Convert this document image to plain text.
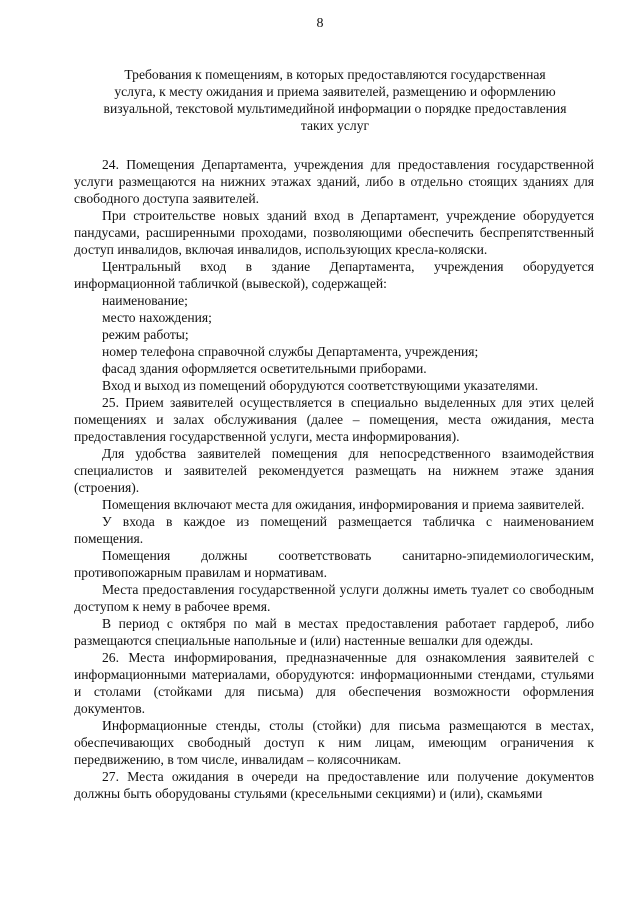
8
Требования к помещениям, в которых предоставляются государственная
услуга, к месту ожидания и приема заявителей, размещению и оформлению
визуальной, текстовой мультимедийной информации о порядке предоставления
таких услуг

24. Помещения Департамента, учреждения для предоставления государственной услуги размещаются на нижних этажах зданий, либо в отдельно стоящих зданиях для свободного доступа заявителей.

При строительстве новых зданий вход в Департамент, учреждение оборудуется пандусами, расширенными проходами, позволяющими обеспечить беспрепятственный доступ инвалидов, включая инвалидов, использующих кресла-коляски.

Центральный вход в здание Департамента, учреждения оборудуется информационной табличкой (вывеской), содержащей:

наименование;

место нахождения;

режим работы;

номер телефона справочной службы Департамента, учреждения;

фасад здания оформляется осветительными приборами.

Вход и выход из помещений оборудуются соответствующими указателями.

25. Прием заявителей осуществляется в специально выделенных для этих целей помещениях и залах обслуживания (далее – помещения, места ожидания, места предоставления государственной услуги, места информирования).

Для удобства заявителей помещения для непосредственного взаимодействия специалистов и заявителей рекомендуется размещать на нижнем этаже здания (строения).

Помещения включают места для ожидания, информирования и приема заявителей.

У входа в каждое из помещений размещается табличка с наименованием помещения.

Помещения должны соответствовать санитарно-эпидемиологическим, противопожарным правилам и нормативам.

Места предоставления государственной услуги должны иметь туалет со свободным доступом к нему в рабочее время.

В период с октября по май в местах предоставления работает гардероб, либо размещаются специальные напольные и (или) настенные вешалки для одежды.

26. Места информирования, предназначенные для ознакомления заявителей с информационными материалами, оборудуются: информационными стендами, стульями и столами (стойками для письма) для обеспечения возможности оформления документов.

Информационные стенды, столы (стойки) для письма размещаются в местах, обеспечивающих свободный доступ к ним лицам, имеющим ограничения к передвижению, в том числе, инвалидам – колясочникам.

27. Места ожидания в очереди на предоставление или получение документов должны быть оборудованы стульями (кресельными секциями) и (или), скамьями
